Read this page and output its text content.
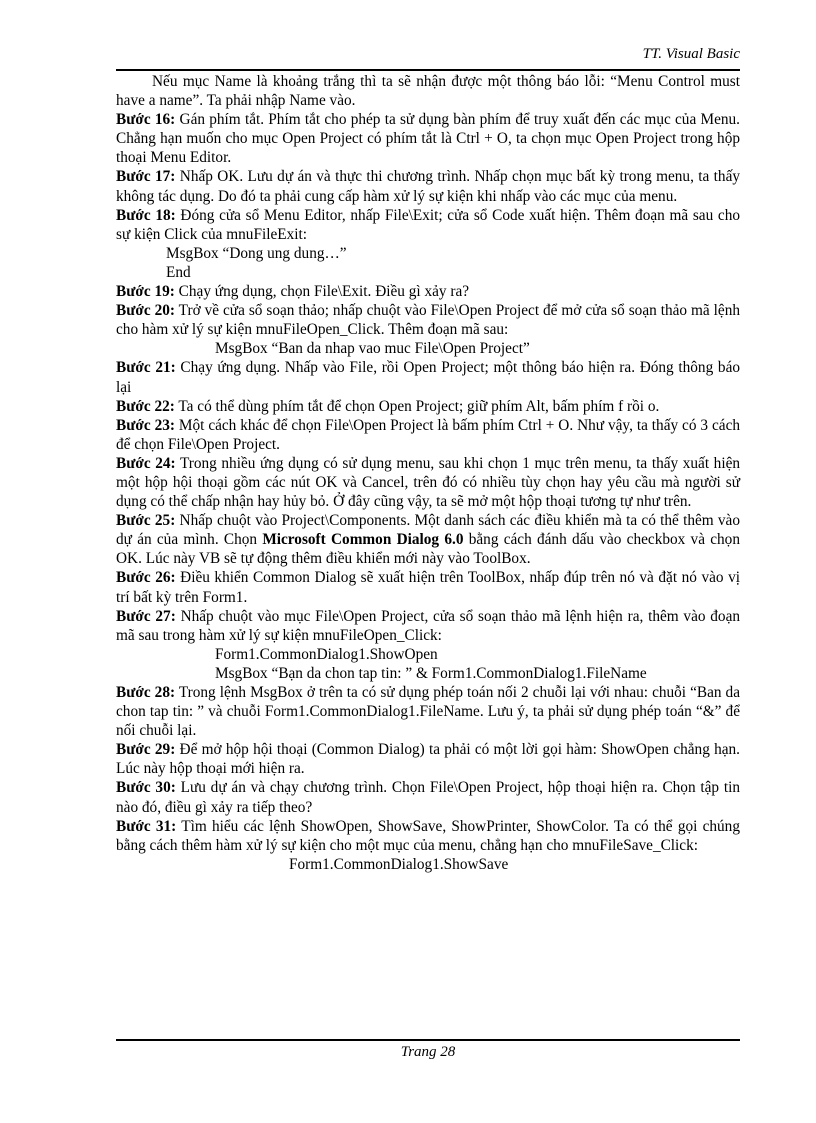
TT. Visual Basic

Nếu mục Name là khoảng trắng thì ta sẽ nhận được một thông báo lỗi: “Menu Control must have a name”. Ta phải nhập Name vào.

Bước 16: Gán phím tắt. Phím tắt cho phép ta sử dụng bàn phím để truy xuất đến các mục của Menu. Chẳng hạn muốn cho mục Open Project có phím tắt là Ctrl + O, ta chọn mục Open Project trong hộp thoại Menu Editor.

Bước 17: Nhấp OK. Lưu dự án và thực thi chương trình. Nhấp chọn mục bất kỳ trong menu, ta thấy không tác dụng. Do đó ta phải cung cấp hàm xử lý sự kiện khi nhấp vào các mục của menu.

Bước 18: Đóng cửa sổ Menu Editor, nhấp File\Exit; cửa sổ Code xuất hiện. Thêm đoạn mã sau cho sự kiện Click của mnuFileExit:

MsgBox “Dong ung dung…”

End

Bước 19: Chạy ứng dụng, chọn File\Exit. Điều gì xảy ra?

Bước 20: Trở về cửa sổ soạn thảo; nhấp chuột vào File\Open Project để mở cửa sổ soạn thảo mã lệnh cho hàm xử lý sự kiện mnuFileOpen_Click. Thêm đoạn mã sau:

MsgBox “Ban da nhap vao muc File\Open Project”

Bước 21: Chạy ứng dụng. Nhấp vào File, rồi Open Project; một thông báo hiện ra. Đóng thông báo lại

Bước 22: Ta có thể dùng phím tắt để chọn Open Project; giữ phím Alt, bấm phím f rồi o.

Bước 23: Một cách khác để chọn File\Open Project là bấm phím Ctrl + O. Như vậy, ta thấy có 3 cách để chọn File\Open Project.

Bước 24: Trong nhiều ứng dụng có sử dụng menu, sau khi chọn 1 mục trên menu, ta thấy xuất hiện một hộp hội thoại gồm các nút OK và Cancel, trên đó có nhiều tùy chọn hay yêu cầu mà người sử dụng có thể chấp nhận hay hủy bỏ. Ở đây cũng vậy, ta sẽ mở một hộp thoại tương tự như trên.

Bước 25: Nhấp chuột vào Project\Components. Một danh sách các điều khiển mà ta có thể thêm vào dự án của mình. Chọn Microsoft Common Dialog 6.0 bằng cách đánh dấu vào checkbox và chọn OK. Lúc này VB sẽ tự động thêm điều khiển mới này vào ToolBox.

Bước 26: Điều khiển Common Dialog sẽ xuất hiện trên ToolBox, nhấp đúp trên nó và đặt nó vào vị trí bất kỳ trên Form1.

Bước 27: Nhấp chuột vào mục File\Open Project, cửa sổ soạn thảo mã lệnh hiện ra, thêm vào đoạn mã sau trong hàm xử lý sự kiện mnuFileOpen_Click:

Form1.CommonDialog1.ShowOpen

MsgBox “Bạn da chon tap tin: ” & Form1.CommonDialog1.FileName

Bước 28: Trong lệnh MsgBox ở trên ta có sử dụng phép toán nối 2 chuỗi lại với nhau: chuỗi “Ban da chon tap tin: ” và chuỗi Form1.CommonDialog1.FileName. Lưu ý, ta phải sử dụng phép toán “&” để nối chuỗi lại.

Bước 29: Để mở hộp hội thoại (Common Dialog) ta phải có một lời gọi hàm: ShowOpen chẳng hạn. Lúc này hộp thoại mới hiện ra.

Bước 30: Lưu dự án và chạy chương trình. Chọn File\Open Project, hộp thoại hiện ra. Chọn tập tin nào đó, điều gì xảy ra tiếp theo?

Bước 31: Tìm hiểu các lệnh ShowOpen, ShowSave, ShowPrinter, ShowColor. Ta có thể gọi chúng bằng cách thêm hàm xử lý sự kiện cho một mục của menu, chẳng hạn cho mnuFileSave_Click:

Form1.CommonDialog1.ShowSave

Trang 28
